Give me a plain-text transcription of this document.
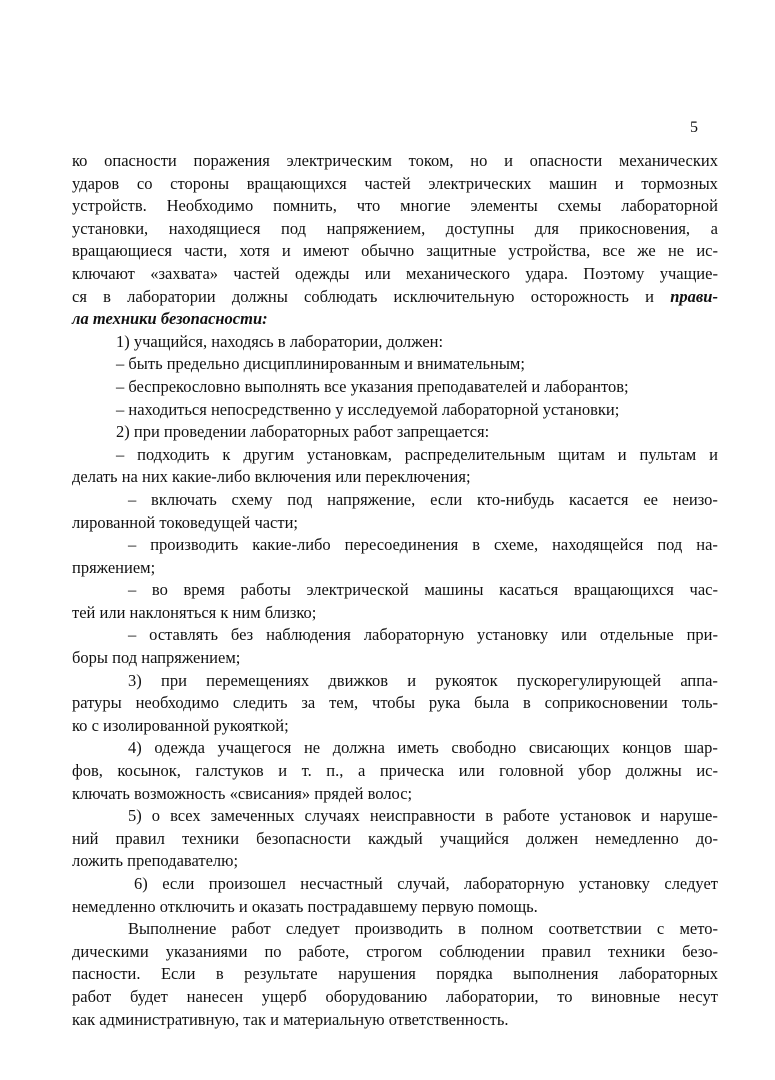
5
ко опасности поражения электрическим током, но и опасности механических
ударов со стороны вращающихся частей электрических машин и тормозных
устройств. Необходимо помнить, что многие элементы схемы лабораторной
установки, находящиеся под напряжением, доступны для прикосновения, а
вращающиеся части, хотя и имеют обычно защитные устройства, все же не ис-
ключают «захвата» частей одежды или механического удара. Поэтому учащие-
ся в лаборатории должны соблюдать исключительную осторожность и прави-
ла техники безопасности:
1) учащийся, находясь в лаборатории, должен:
– быть предельно дисциплинированным и внимательным;
– беспрекословно выполнять все указания преподавателей и лаборантов;
– находиться непосредственно у исследуемой лабораторной установки;
2) при проведении лабораторных работ запрещается:
– подходить к другим установкам, распределительным щитам и пультам и
делать на них какие-либо включения или переключения;
– включать схему под напряжение, если кто-нибудь касается ее неизо-
лированной токоведущей части;
– производить какие-либо пересоединения в схеме, находящейся под на-
пряжением;
– во время работы электрической машины касаться вращающихся час-
тей или наклоняться к ним близко;
– оставлять без наблюдения лабораторную установку или отдельные при-
боры под напряжением;
3) при перемещениях движков и рукояток пускорегулирующей аппа-
ратуры необходимо следить за тем, чтобы рука была в соприкосновении толь-
ко с изолированной рукояткой;
4) одежда учащегося не должна иметь свободно свисающих концов шар-
фов, косынок, галстуков и т. п., а прическа или головной убор должны ис-
ключать возможность «свисания» прядей волос;
5) о всех замеченных случаях неисправности в работе установок и наруше-
ний правил техники безопасности каждый учащийся должен немедленно до-
ложить преподавателю;
6) если произошел несчастный случай, лабораторную установку следует
немедленно отключить и оказать пострадавшему первую помощь.
Выполнение работ следует производить в полном соответствии с мето-
дическими указаниями по работе, строгом соблюдении правил техники безо-
пасности. Если в результате нарушения порядка выполнения лабораторных
работ будет нанесен ущерб оборудованию лаборатории, то виновные несут
как административную, так и материальную ответственность.
